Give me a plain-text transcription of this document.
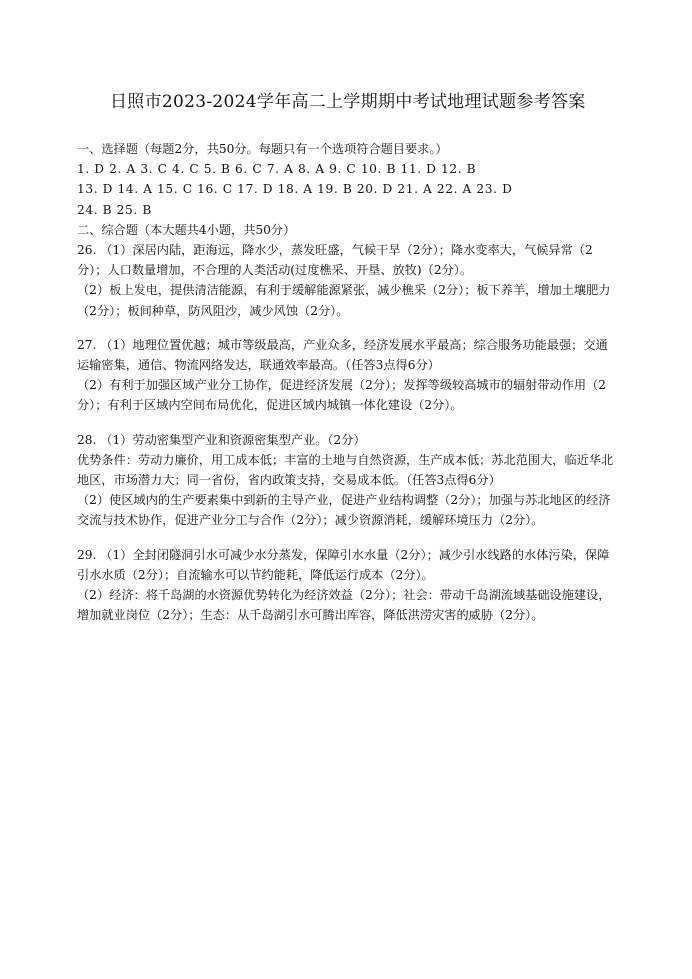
日照市2023-2024学年高二上学期期中考试地理试题参考答案

一、选择题（每题2分，共50分。每题只有一个选项符合题目要求。）

1. D 2. A 3. C 4. C 5. B 6. C 7. A 8. A 9. C 10. B 11. D 12. B

13. D 14. A 15. C 16. C 17. D 18. A 19. B 20. D 21. A 22. A 23. D

24. B 25. B

二、综合题（本大题共4小题，共50分）

26. （1）深居内陆，距海远，降水少，蒸发旺盛，气候干旱（2分）；降水变率大，气候异常（2分）；人口数量增加，不合理的人类活动(过度樵采、开垦、放牧)（2分）。

（2）板上发电，提供清洁能源，有利于缓解能源紧张，减少樵采（2分）；板下养羊，增加土壤肥力（2分）；板间种草，防风阻沙，减少风蚀（2分）。

27. （1）地理位置优越；城市等级最高，产业众多，经济发展水平最高；综合服务功能最强；交通运输密集，通信、物流网络发达，联通效率最高。（任答3点得6分）

（2）有利于加强区域产业分工协作，促进经济发展（2分）；发挥等级较高城市的辐射带动作用（2分）；有利于区域内空间布局优化，促进区域内城镇一体化建设（2分）。

28. （1）劳动密集型产业和资源密集型产业。（2分）

优势条件：劳动力廉价，用工成本低；丰富的土地与自然资源，生产成本低；苏北范围大，临近华北地区，市场潜力大；同一省份，省内政策支持，交易成本低。（任答3点得6分）

（2）使区域内的生产要素集中到新的主导产业，促进产业结构调整（2分）；加强与苏北地区的经济交流与技术协作，促进产业分工与合作（2分）；减少资源消耗，缓解环境压力（2分）。

29. （1）全封闭隧洞引水可减少水分蒸发，保障引水水量（2分）；减少引水线路的水体污染，保障引水水质（2分）；自流输水可以节约能耗，降低运行成本（2分）。

（2）经济：将千岛湖的水资源优势转化为经济效益（2分）；社会：带动千岛湖流域基础设施建设，增加就业岗位（2分）；生态：从千岛湖引水可腾出库容，降低洪涝灾害的威胁（2分）。
